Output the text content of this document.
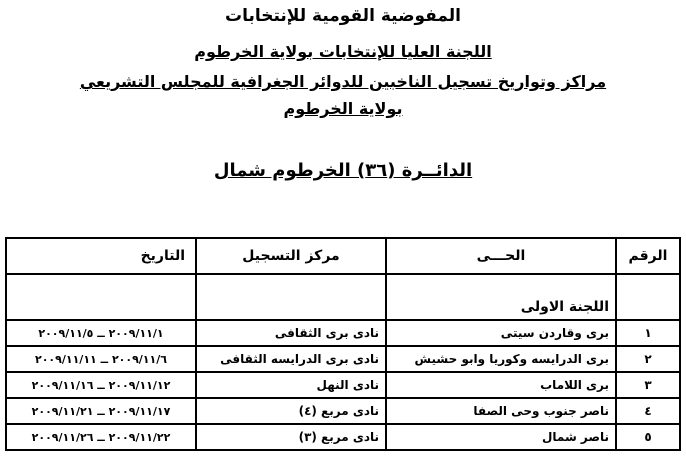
المفوضية القومية للإنتخابات
اللجنة العليا للإنتخابات بولاية الخرطوم
مراكز وتواريخ تسجيل الناخبين للدوائر الجغرافية للمجلس التشريعي
بولاية الخرطوم
الدائــرة (٣٦) الخرطوم شمال
الرقم	الحـــى	مركز التسجيل	التاريخ
	اللجنة الاولى		
١	برى وقاردن سيتى	نادى برى الثقافى	٢٠٠٩/١١/١ ــ ٢٠٠٩/١١/٥
٢	برى الدرايسه وكوريا وابو حشيش	نادى برى الدرايسه الثقافى	٢٠٠٩/١١/٦ ــ ٢٠٠٩/١١/١١
٣	برى اللاماب	نادى النهل	٢٠٠٩/١١/١٢ ــ ٢٠٠٩/١١/١٦
٤	ناصر جنوب وحى الصفا	نادى مربع (٤)	٢٠٠٩/١١/١٧ ــ ٢٠٠٩/١١/٢١
٥	ناصر شمال	نادى مربع (٣)	٢٠٠٩/١١/٢٢ ــ ٢٠٠٩/١١/٢٦
